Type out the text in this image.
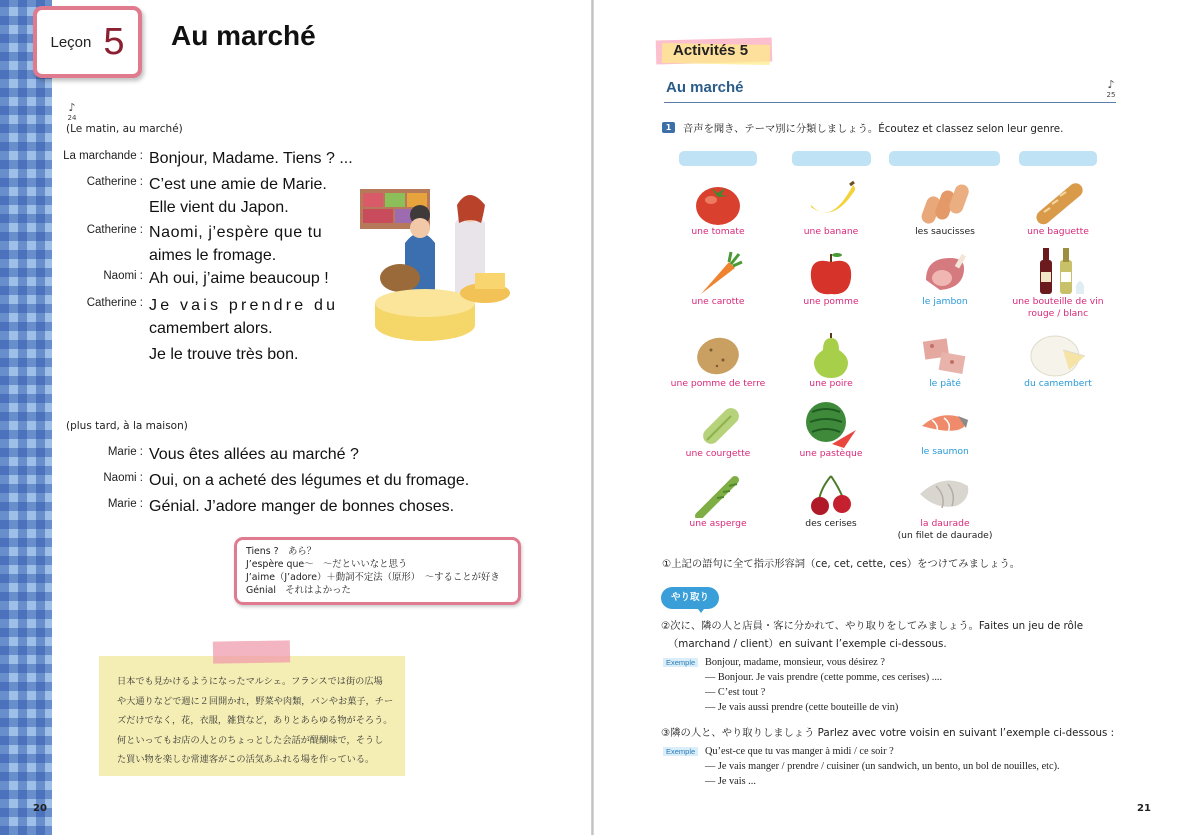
Leçon 5 Au marché
♪
24
(Le matin, au marché)
La marchande : Bonjour, Madame. Tiens ? ...
Catherine : C’est une amie de Marie.
Elle vient du Japon.
Catherine : Naomi, j’espère que tu
aimes le fromage.
Naomi : Ah oui, j’aime beaucoup !
Catherine : Je vais prendre du
camembert alors.
Je le trouve très bon.
(plus tard, à la maison)
Marie : Vous êtes allées au marché ?
Naomi : Oui, on a acheté des légumes et du fromage.
Marie : Génial. J’adore manger de bonnes choses.
Tiens ?　あら？
J’espère que～　～だといいなと思う
J’aime（J’adore）＋動詞不定法（原形）　～することが好き
Génial　それはよかった
日本でも見かけるようになったマルシェ。フランスでは街の広場
や大通りなどで週に２回開かれ，野菜や肉類，パンやお菓子，チー
ズだけでなく，花，衣服，雑貨など，ありとあらゆる物がそろう。
何といってもお店の人とのちょっとした会話が醍醐味で，そうし
た買い物を楽しむ常連客がこの活気あふれる場を作っている。
20
Activités 5
Au marché	♪
25
1	音声を聞き、テーマ別に分類しましょう。Écoutez et classez selon leur genre.
une tomate	une banane	les saucisses	une baguette
une carotte	une pomme	le jambon	une bouteille de vin
rouge / blanc
une pomme de terre	une poire	le pâté	du camembert
une courgette	une pastèque	le saumon
une asperge	des cerises	la daurade
(un filet de daurade)
①上記の語句に全て指示形容詞（ce, cet, cette, ces）をつけてみましょう。
やり取り
②次に、隣の人と店員・客に分かれて、やり取りをしてみましょう。Faites un jeu de rôle
（marchand / client）en suivant l’exemple ci-dessous.
Exemple Bonjour, madame, monsieur, vous désirez ?
— Bonjour. Je vais prendre (cette pomme, ces cerises) ....
— C’est tout ?
— Je vais aussi prendre (cette bouteille de vin)
③隣の人と、やり取りしましょう Parlez avec votre voisin en suivant l’exemple ci-dessous :
Exemple Qu’est-ce que tu vas manger à midi / ce soir ?
— Je vais manger / prendre / cuisiner (un sandwich, un bento, un bol de nouilles, etc).
— Je vais ...
21
